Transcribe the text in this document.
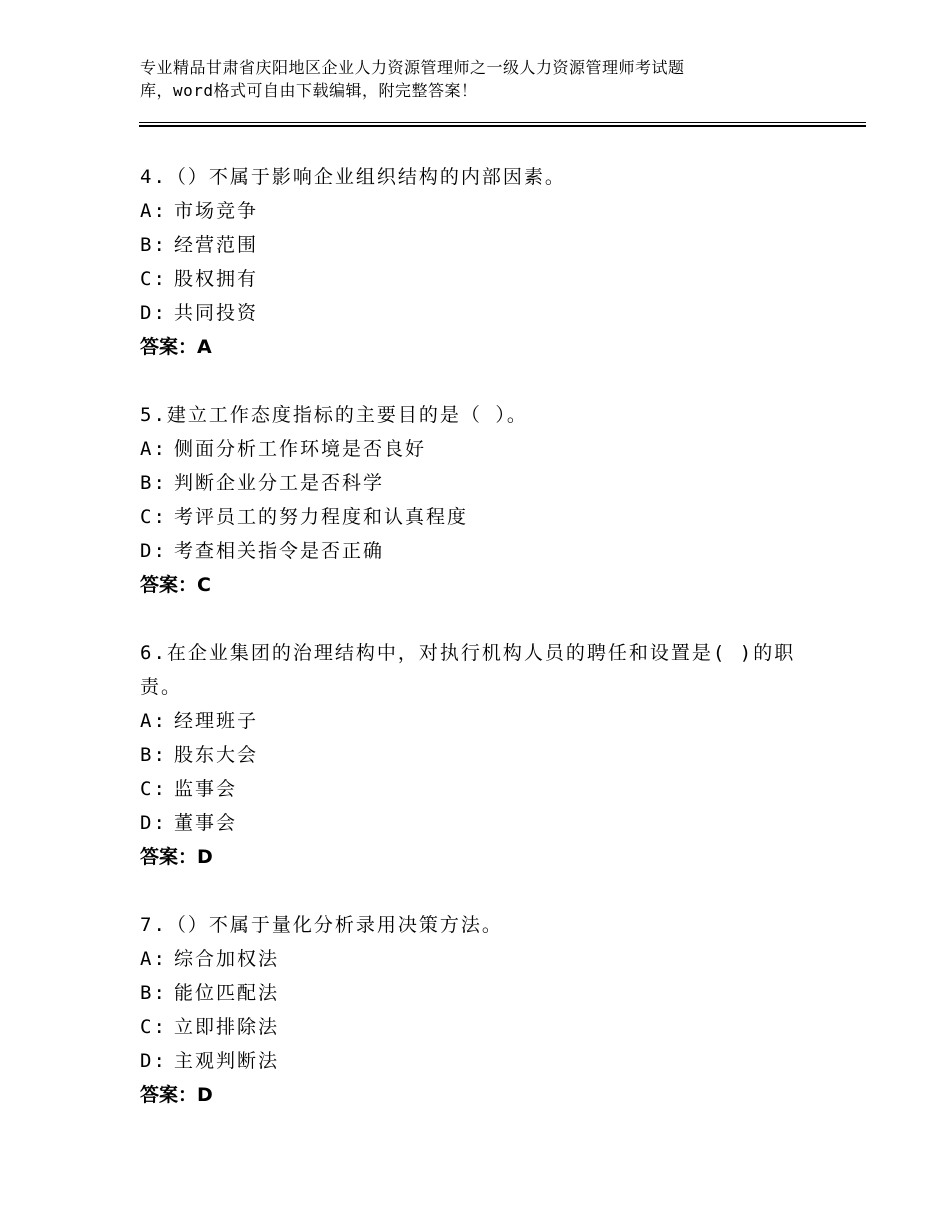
专业精品甘肃省庆阳地区企业人力资源管理师之一级人力资源管理师考试题
库，word格式可自由下载编辑，附完整答案！
4.（）不属于影响企业组织结构的内部因素。
A: 市场竞争
B: 经营范围
C: 股权拥有
D: 共同投资
答案：A
5.建立工作态度指标的主要目的是（ ）。
A: 侧面分析工作环境是否良好
B: 判断企业分工是否科学
C: 考评员工的努力程度和认真程度
D: 考查相关指令是否正确
答案：C
6.在企业集团的治理结构中，对执行机构人员的聘任和设置是( )的职责。
A: 经理班子
B: 股东大会
C: 监事会
D: 董事会
答案：D
7.（）不属于量化分析录用决策方法。
A: 综合加权法
B: 能位匹配法
C: 立即排除法
D: 主观判断法
答案：D
